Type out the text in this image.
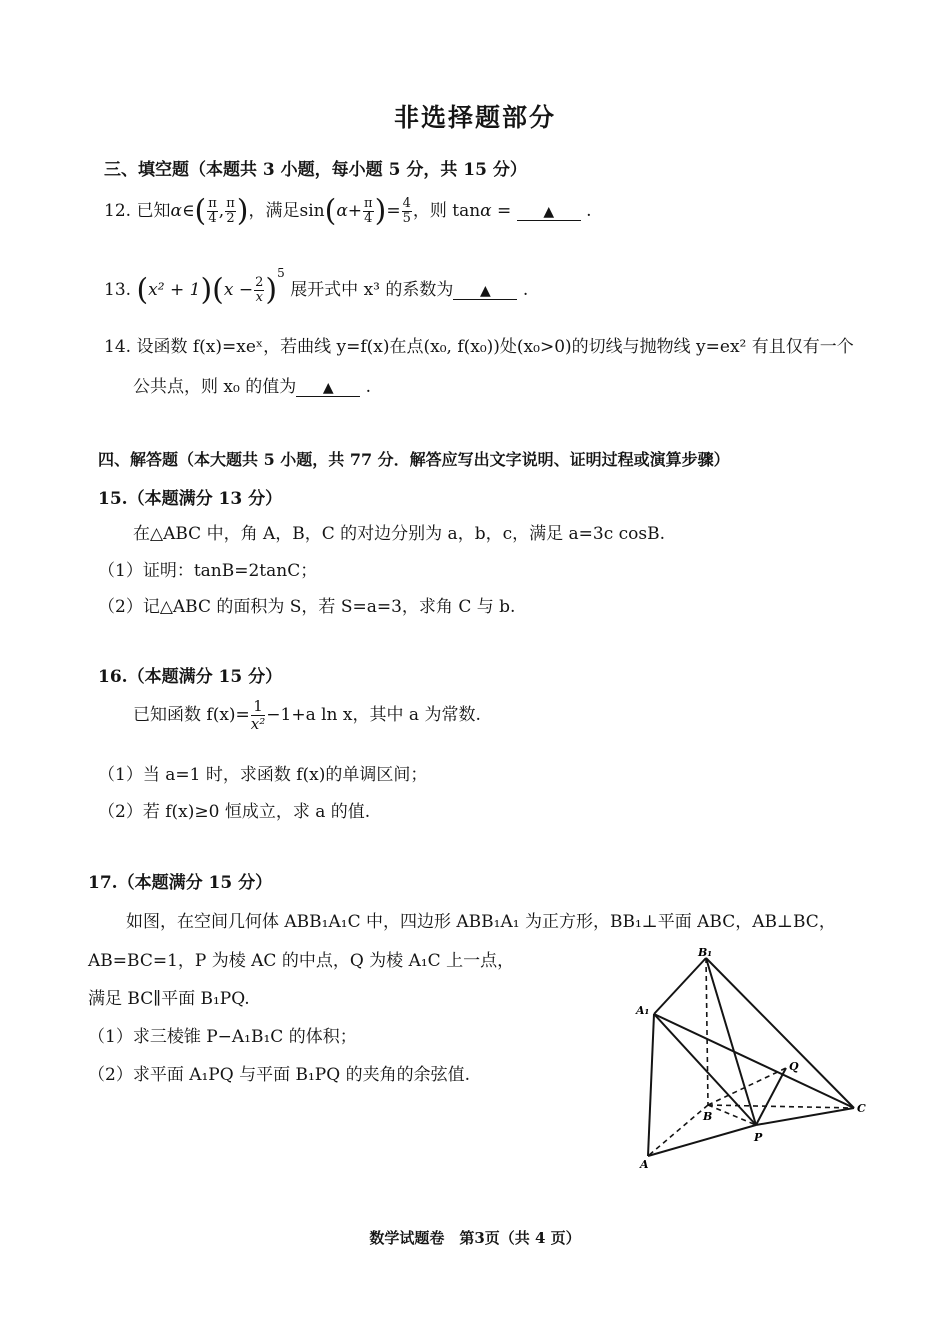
非选择题部分
三、填空题（本题共 3 小题，每小题 5 分，共 15 分）
12. 已知α∈( $\frac{\pi}{4}$ , $\frac{\pi}{2}$ )，满足$\sin(\alpha+ \frac{\pi}{4}$ )= $\frac{4}{5}$ ，则 tanα = ▲ .
13. $(x^2 + 1)(x - \frac{2}{x})^5$ 展开式中 x³ 的系数为 ▲ .
14. 设函数 f(x)=xeˣ，若曲线 y=f(x)在点(x₀, f(x₀))处(x₀>0)的切线与抛物线 y=ex² 有且仅有一个
公共点，则 x₀ 的值为 ▲ .
四、解答题（本大题共 5 小题，共 77 分．解答应写出文字说明、证明过程或演算步骤）
15.（本题满分 13 分）
在△ABC 中，角 A，B，C 的对边分别为 a，b，c，满足 a=3c cosB.
（1）证明：tanB=2tanC；
（2）记△ABC 的面积为 S，若 S=a=3，求角 C 与 b.
16.（本题满分 15 分）
已知函数 $f(x)= \frac{1}{\text{x²}}-1+a$ ln x，其中 a 为常数.
（1）当 a=1 时，求函数 f(x)的单调区间；
（2）若 f(x)≥0 恒成立，求 a 的值.
17.（本题满分 15 分）
如图，在空间几何体 ABB₁A₁C 中，四边形 ABB₁A₁ 为正方形，BB₁⊥平面 ABC，AB⊥BC，
AB=BC=1，P 为棱 AC 的中点，Q 为棱 A₁C 上一点，
满足 BC∥平面 B₁PQ.
（1）求三棱锥 P−A₁B₁C 的体积；
（2）求平面 A₁PQ 与平面 B₁PQ 的夹角的余弦值.
B₁
A₁
Q
B
C
P
A
数学试题卷　第3页（共 4 页）
